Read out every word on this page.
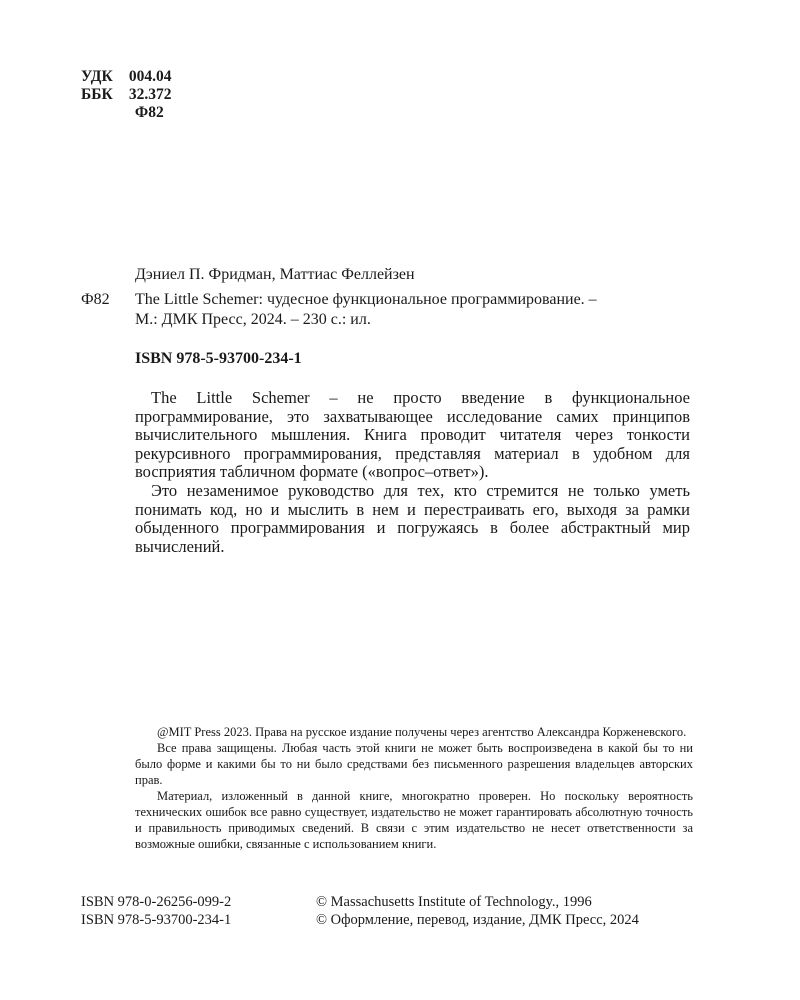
УДК 004.04
ББК 32.372
Ф82
Дэниел П. Фридман, Маттиас Феллейзен
Ф82 The Little Schemer: чудесное функциональное программирование. –
М.: ДМК Пресс, 2024. – 230 с.: ил.
ISBN 978-5-93700-234-1

The Little Schemer – не просто введение в функциональное программирование, это захватывающее исследование самих принципов вычислительного мышления. Книга проводит читателя через тонкости рекурсивного программирования, представляя материал в удобном для восприятия табличном формате («вопрос–ответ»).

Это незаменимое руководство для тех, кто стремится не только уметь понимать код, но и мыслить в нем и перестраивать его, выходя за рамки обыденного программирования и погружаясь в более абстрактный мир вычислений.

@MIT Press 2023. Права на русское издание получены через агентство Александра Корженевского.

Все права защищены. Любая часть этой книги не может быть воспроизведена в какой бы то ни было форме и какими бы то ни было средствами без письменного разрешения владельцев авторских прав.

Материал, изложенный в данной книге, многократно проверен. Но поскольку вероятность технических ошибок все равно существует, издательство не может гарантировать абсолютную точность и правильность приводимых сведений. В связи с этим издательство не несет ответственности за возможные ошибки, связанные с использованием книги.

ISBN 978-0-26256-099-2
ISBN 978-5-93700-234-1
© Massachusetts Institute of Technology., 1996
© Оформление, перевод, издание, ДМК Пресс, 2024
